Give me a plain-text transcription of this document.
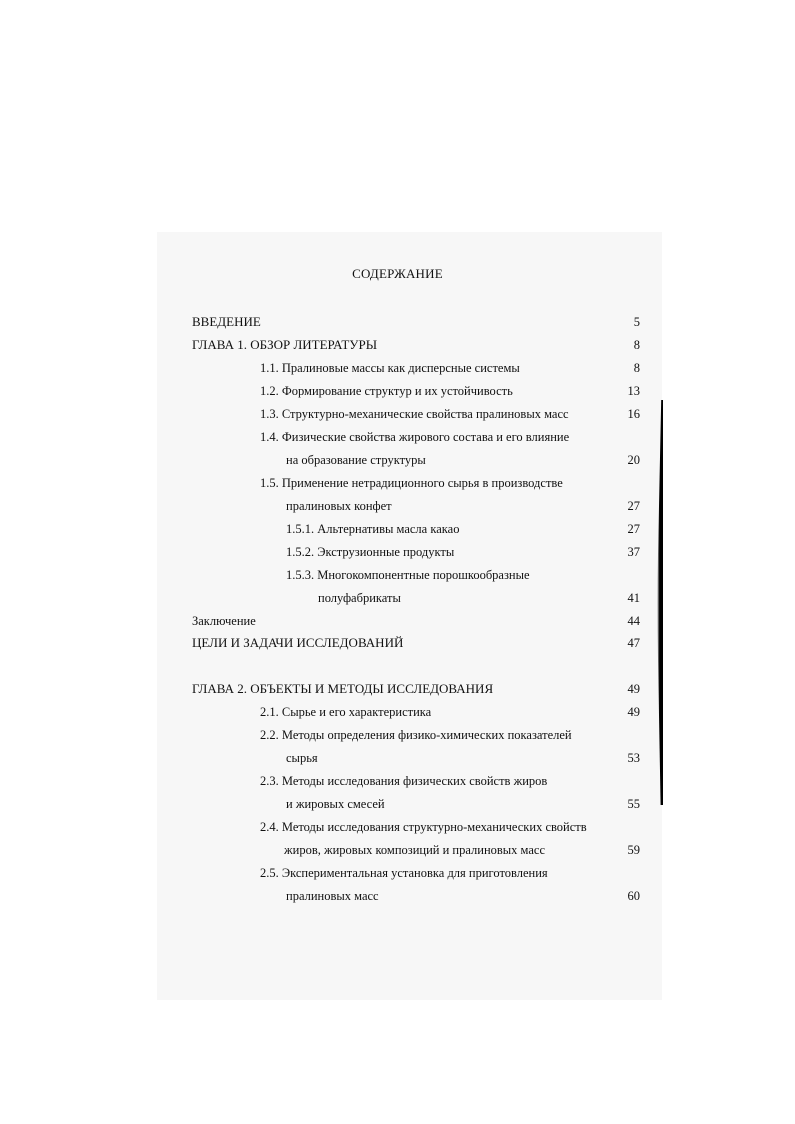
СОДЕРЖАНИЕ
ВВЕДЕНИЕ	5
ГЛАВА 1. ОБЗОР ЛИТЕРАТУРЫ	8
1.1. Пралиновые массы как дисперсные системы	8
1.2. Формирование структур и их устойчивость	13
1.3. Структурно-механические свойства пралиновых масс	16
1.4. Физические свойства жирового состава и его влияние
на образование структуры	20
1.5. Применение нетрадиционного сырья в производстве
пралиновых конфет	27
1.5.1. Альтернативы масла какао	27
1.5.2. Экструзионные продукты	37
1.5.3. Многокомпонентные порошкообразные
полуфабрикаты	41
Заключение	44
ЦЕЛИ И ЗАДАЧИ ИССЛЕДОВАНИЙ	47
ГЛАВА 2. ОБЪЕКТЫ И МЕТОДЫ ИССЛЕДОВАНИЯ	49
2.1. Сырье и его характеристика	49
2.2. Методы определения физико-химических показателей
сырья	53
2.3. Методы исследования физических свойств жиров
и жировых смесей	55
2.4. Методы исследования структурно-механических свойств
жиров, жировых композиций и пралиновых масс	59
2.5. Экспериментальная установка для приготовления
пралиновых масс	60
